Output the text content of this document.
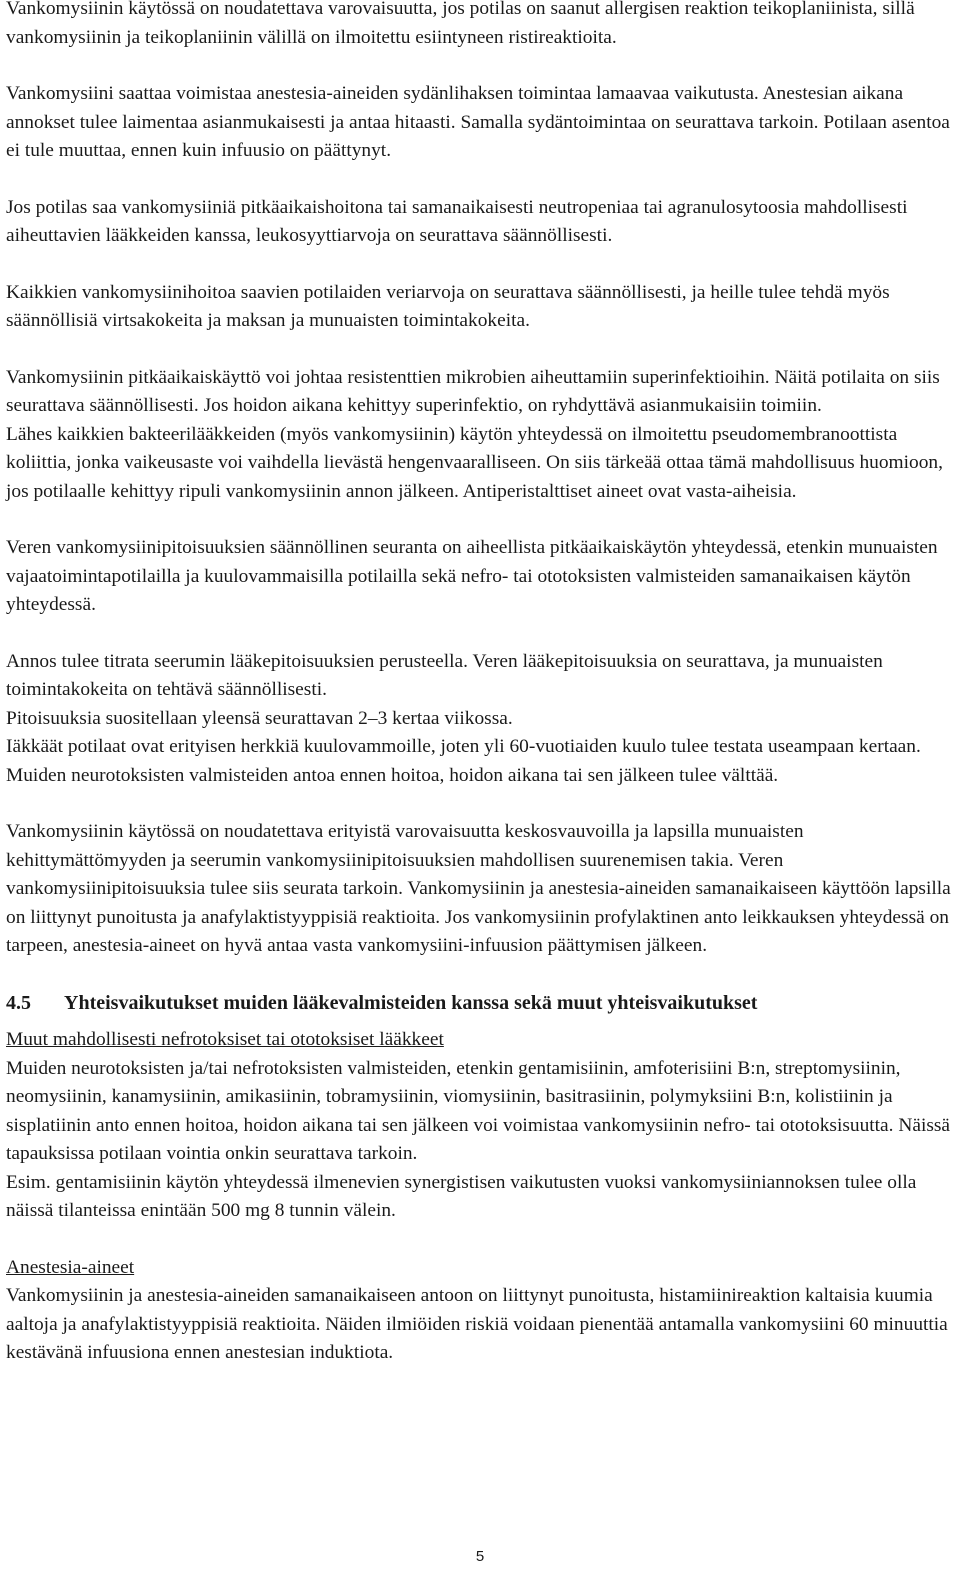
Vankomysiinin käytössä on noudatettava varovaisuutta, jos potilas on saanut allergisen reaktion teikoplaniinista, sillä vankomysiinin ja teikoplaniinin välillä on ilmoitettu esiintyneen ristireaktioita.

Vankomysiini saattaa voimistaa anestesia-aineiden sydänlihaksen toimintaa lamaavaa vaikutusta. Anestesian aikana annokset tulee laimentaa asianmukaisesti ja antaa hitaasti. Samalla sydäntoimintaa on seurattava tarkoin. Potilaan asentoa ei tule muuttaa, ennen kuin infuusio on päättynyt.

Jos potilas saa vankomysiiniä pitkäaikaishoitona tai samanaikaisesti neutropeniaa tai agranulosytoosia mahdollisesti aiheuttavien lääkkeiden kanssa, leukosyyttiarvoja on seurattava säännöllisesti.

Kaikkien vankomysiinihoitoa saavien potilaiden veriarvoja on seurattava säännöllisesti, ja heille tulee tehdä myös säännöllisiä virtsakokeita ja maksan ja munuaisten toimintakokeita.

Vankomysiinin pitkäaikaiskäyttö voi johtaa resistenttien mikrobien aiheuttamiin superinfektioihin. Näitä potilaita on siis seurattava säännöllisesti. Jos hoidon aikana kehittyy superinfektio, on ryhdyttävä asianmukaisiin toimiin.

Lähes kaikkien bakteerilääkkeiden (myös vankomysiinin) käytön yhteydessä on ilmoitettu pseudomembranoottista koliittia, jonka vaikeusaste voi vaihdella lievästä hengenvaaralliseen. On siis tärkeää ottaa tämä mahdollisuus huomioon, jos potilaalle kehittyy ripuli vankomysiinin annon jälkeen. Antiperistalttiset aineet ovat vasta-aiheisia.

Veren vankomysiinipitoisuuksien säännöllinen seuranta on aiheellista pitkäaikaiskäytön yhteydessä, etenkin munuaisten vajaatoimintapotilailla ja kuulovammaisilla potilailla sekä nefro- tai ototoksisten valmisteiden samanaikaisen käytön yhteydessä.

Annos tulee titrata seerumin lääkepitoisuuksien perusteella. Veren lääkepitoisuuksia on seurattava, ja munuaisten toimintakokeita on tehtävä säännöllisesti.

Pitoisuuksia suositellaan yleensä seurattavan 2–3 kertaa viikossa.

Iäkkäät potilaat ovat erityisen herkkiä kuulovammoille, joten yli 60-vuotiaiden kuulo tulee testata useampaan kertaan. Muiden neurotoksisten valmisteiden antoa ennen hoitoa, hoidon aikana tai sen jälkeen tulee välttää.

Vankomysiinin käytössä on noudatettava erityistä varovaisuutta keskosvauvoilla ja lapsilla munuaisten kehittymättömyyden ja seerumin vankomysiinipitoisuuksien mahdollisen suurenemisen takia. Veren vankomysiinipitoisuuksia tulee siis seurata tarkoin. Vankomysiinin ja anestesia-aineiden samanaikaiseen käyttöön lapsilla on liittynyt punoitusta ja anafylaktistyyppisiä reaktioita. Jos vankomysiinin profylaktinen anto leikkauksen yhteydessä on tarpeen, anestesia-aineet on hyvä antaa vasta vankomysiini-infuusion päättymisen jälkeen.

4.5	Yhteisvaikutukset muiden lääkevalmisteiden kanssa sekä muut yhteisvaikutukset

Muut mahdollisesti nefrotoksiset tai ototoksiset lääkkeet

Muiden neurotoksisten ja/tai nefrotoksisten valmisteiden, etenkin gentamisiinin, amfoterisiini B:n, streptomysiinin, neomysiinin, kanamysiinin, amikasiinin, tobramysiinin, viomysiinin, basitrasiinin, polymyksiini B:n, kolistiinin ja sisplatiinin anto ennen hoitoa, hoidon aikana tai sen jälkeen voi voimistaa vankomysiinin nefro- tai ototoksisuutta. Näissä tapauksissa potilaan vointia onkin seurattava tarkoin.

Esim. gentamisiinin käytön yhteydessä ilmenevien synergistisen vaikutusten vuoksi vankomysiiniannoksen tulee olla näissä tilanteissa enintään 500 mg 8 tunnin välein.

Anestesia-aineet

Vankomysiinin ja anestesia-aineiden samanaikaiseen antoon on liittynyt punoitusta, histamiinireaktion kaltaisia kuumia aaltoja ja anafylaktistyyppisiä reaktioita. Näiden ilmiöiden riskiä voidaan pienentää antamalla vankomysiini 60 minuuttia kestävänä infuusiona ennen anestesian induktiota.

5
